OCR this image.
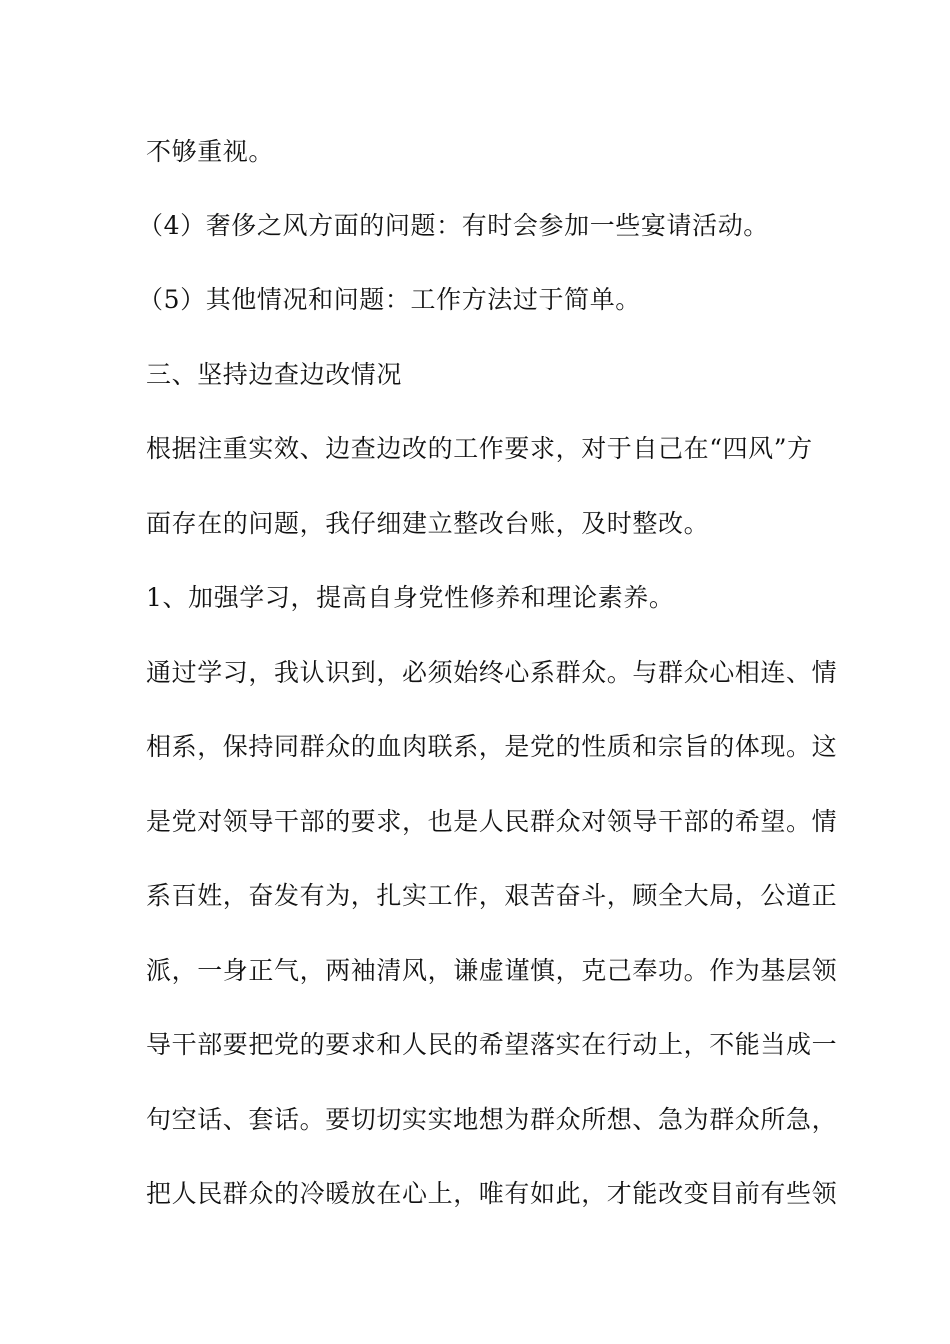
不够重视。
（4）奢侈之风方面的问题：有时会参加一些宴请活动。
（5）其他情况和问题：工作方法过于简单。
三、坚持边查边改情况
根据注重实效、边查边改的工作要求，对于自己在“四风”方
面存在的问题，我仔细建立整改台账，及时整改。
1、加强学习，提高自身党性修养和理论素养。
通过学习，我认识到，必须始终心系群众。与群众心相连、情
相系，保持同群众的血肉联系，是党的性质和宗旨的体现。这
是党对领导干部的要求，也是人民群众对领导干部的希望。情
系百姓，奋发有为，扎实工作，艰苦奋斗，顾全大局，公道正
派，一身正气，两袖清风，谦虚谨慎，克己奉功。作为基层领
导干部要把党的要求和人民的希望落实在行动上，不能当成一
句空话、套话。要切切实实地想为群众所想、急为群众所急，
把人民群众的冷暖放在心上，唯有如此，才能改变目前有些领
